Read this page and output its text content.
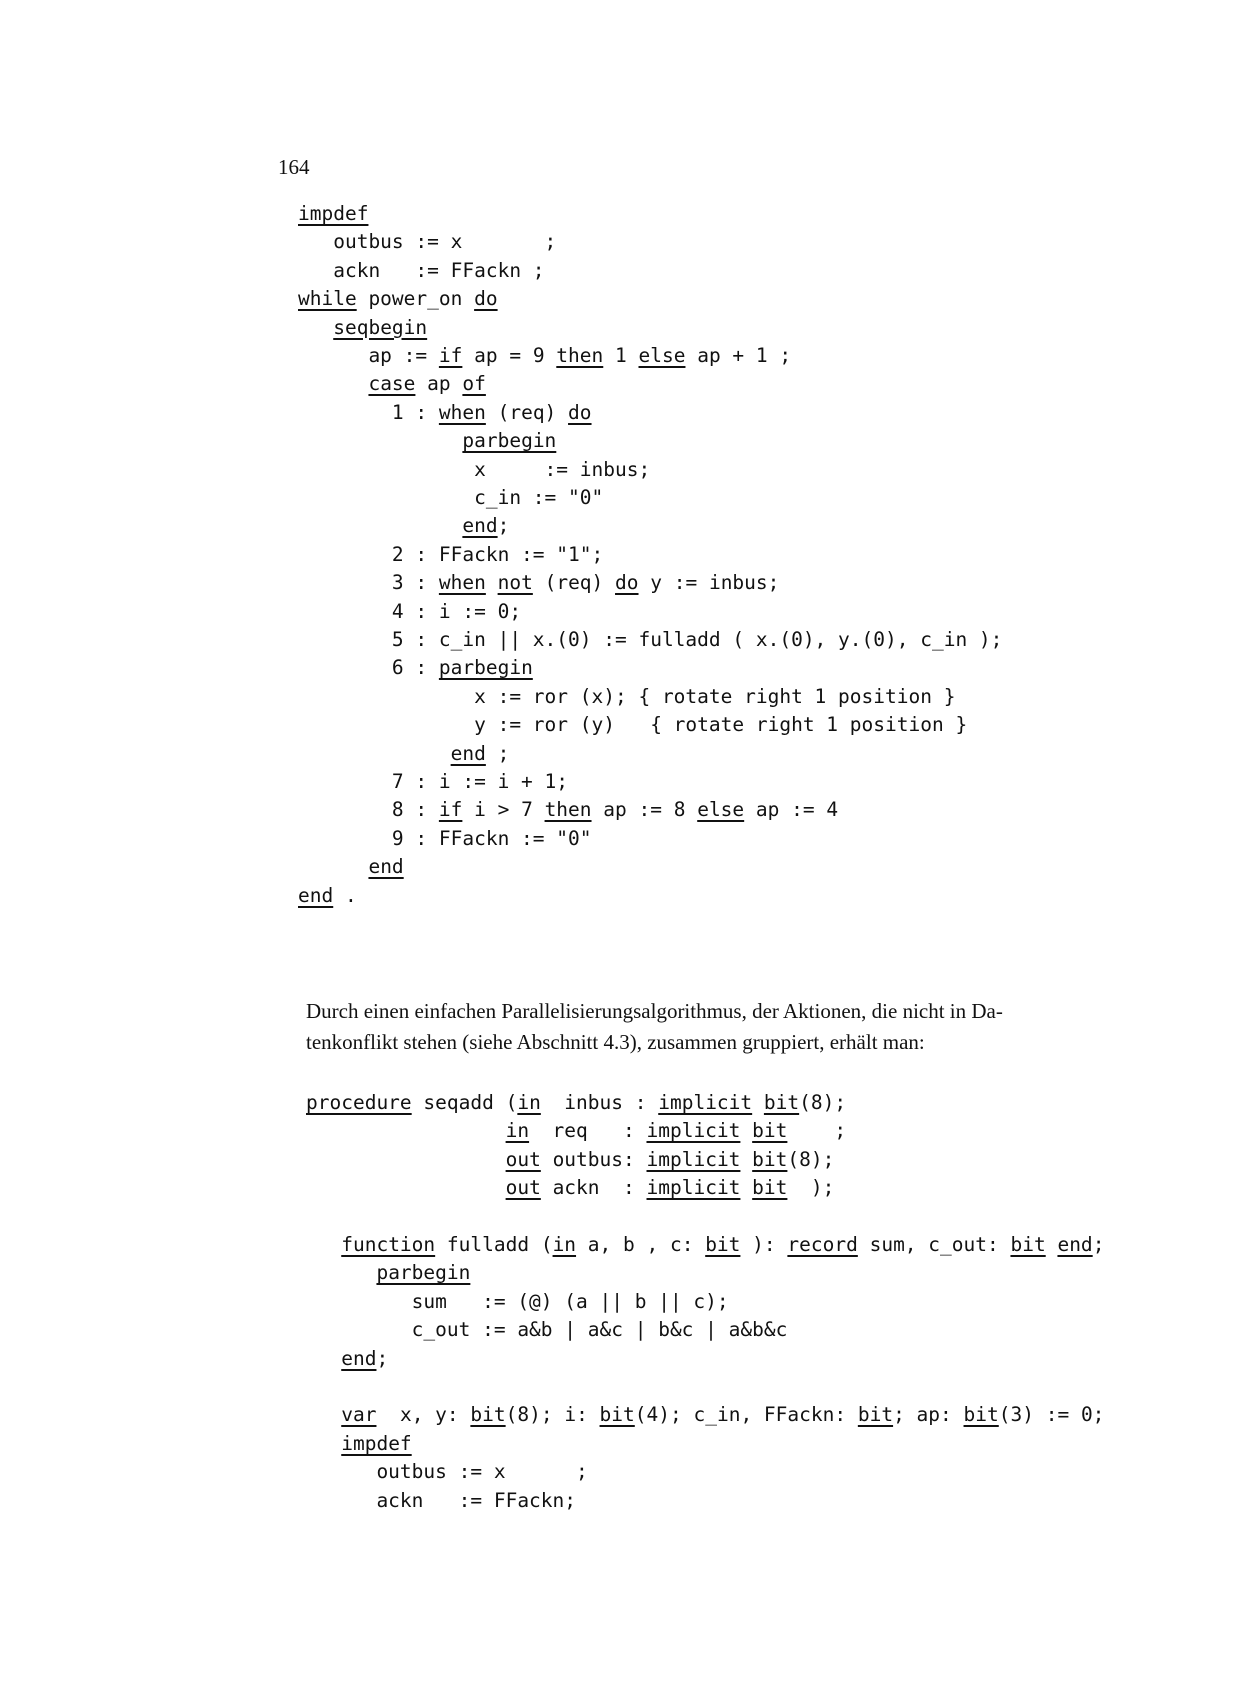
164
impdef
outbus := x       ;
ackn   := FFackn ;
while power_on do
seqbegin
ap := if ap = 9 then 1 else ap + 1 ;
case ap of
1 : when (req) do
parbegin
x     := inbus;
c_in := "0"
end;
2 : FFackn := "1";
3 : when not (req) do y := inbus;
4 : i := 0;
5 : c_in || x.(0) := fulladd ( x.(0), y.(0), c_in );
6 : parbegin
x := ror (x); { rotate right 1 position }
y := ror (y)   { rotate right 1 position }
end ;
7 : i := i + 1;
8 : if i > 7 then ap := 8 else ap := 4
9 : FFackn := "0"
end
end .
Durch einen einfachen Parallelisierungsalgorithmus, der Aktionen, die nicht in Da-
tenkonflikt stehen (siehe Abschnitt 4.3), zusammen gruppiert, erhält man:
procedure seqadd (in  inbus : implicit bit(8);
in  req   : implicit bit    ;
out outbus: implicit bit(8);
out ackn  : implicit bit  );
function fulladd (in a, b , c: bit ): record sum, c_out: bit end;
parbegin
sum   := (@) (a || b || c);
c_out := a&b | a&c | b&c | a&b&c
end;
var  x, y: bit(8); i: bit(4); c_in, FFackn: bit; ap: bit(3) := 0;
impdef
outbus := x      ;
ackn   := FFackn;
